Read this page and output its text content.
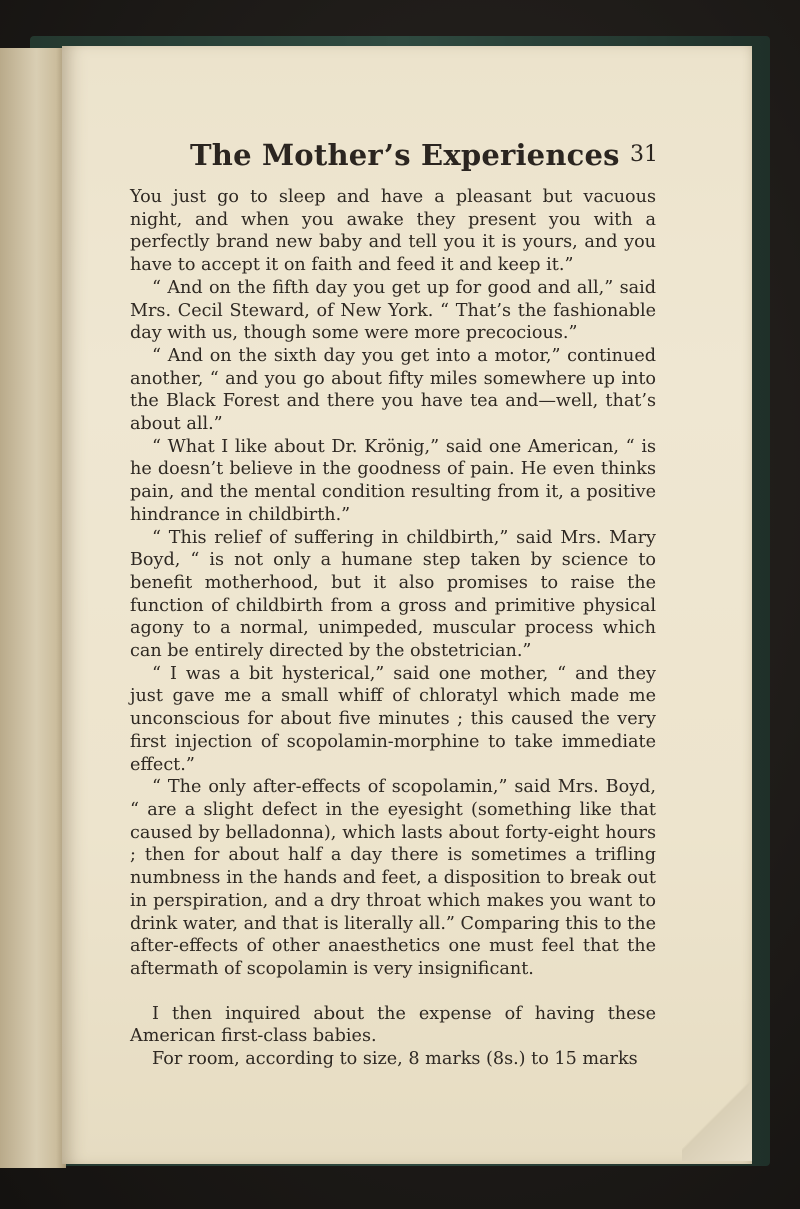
The Mother’s Experiences 31

You just go to sleep and have a pleasant but vacuous night, and when you awake they present you with a perfectly brand new baby and tell you it is yours, and you have to accept it on faith and feed it and keep it.”

“ And on the fifth day you get up for good and all,” said Mrs. Cecil Steward, of New York. “ That’s the fashionable day with us, though some were more precocious.”

“ And on the sixth day you get into a motor,” continued another, “ and you go about fifty miles somewhere up into the Black Forest and there you have tea and—well, that’s about all.”

“ What I like about Dr. Krönig,” said one American, “ is he doesn’t believe in the goodness of pain. He even thinks pain, and the mental condition resulting from it, a positive hindrance in childbirth.”

“ This relief of suffering in childbirth,” said Mrs. Mary Boyd, “ is not only a humane step taken by science to benefit motherhood, but it also promises to raise the function of childbirth from a gross and primitive physical agony to a normal, unimpeded, muscular process which can be entirely directed by the obstetrician.”

“ I was a bit hysterical,” said one mother, “ and they just gave me a small whiff of chloratyl which made me unconscious for about five minutes ; this caused the very first injection of scopolamin-morphine to take immediate effect.”

“ The only after-effects of scopolamin,” said Mrs. Boyd, “ are a slight defect in the eyesight (something like that caused by belladonna), which lasts about forty-eight hours ; then for about half a day there is sometimes a trifling numbness in the hands and feet, a disposition to break out in perspiration, and a dry throat which makes you want to drink water, and that is literally all.” Comparing this to the after-effects of other anaesthetics one must feel that the aftermath of scopolamin is very insignificant.

I then inquired about the expense of having these American first-class babies.

For room, according to size, 8 marks (8s.) to 15 marks
